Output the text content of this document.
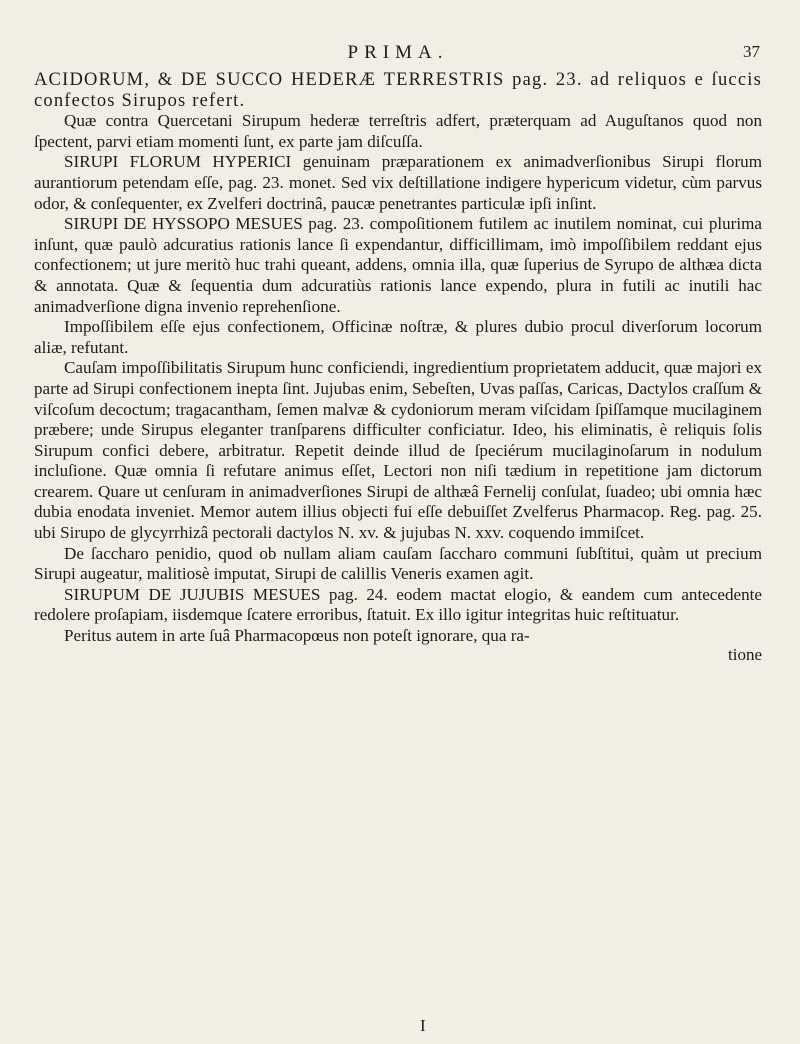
PRIMA.	37

ACIDORUM, & DE SUCCO HEDERÆ TERRESTRIS pag. 23. ad reliquos e ſuccis confectos Sirupos refert.

Quæ contra Quercetani Sirupum hederæ terreſtris adfert, præterquam ad Auguſtanos quod non ſpectent, parvi etiam momenti ſunt, ex parte jam diſcuſſa.

SIRUPI FLORUM HYPERICI genuinam præparationem ex animadverſionibus Sirupi florum aurantiorum petendam eſſe, pag. 23. monet. Sed vix deſtillatione indigere hypericum videtur, cùm parvus odor, & conſequenter, ex Zvelferi doctrinâ, paucæ penetrantes particulæ ipſi inſint.

SIRUPI DE HYSSOPO MESUES pag. 23. compoſitionem futilem ac inutilem nominat, cui plurima inſunt, quæ paulò adcuratius rationis lance ſi expendantur, difficillimam, imò impoſſibilem reddant ejus confectionem; ut jure meritò huc trahi queant, addens, omnia illa, quæ ſuperius de Syrupo de althæa dicta & annotata. Quæ & ſequentia dum adcuratiùs rationis lance expendo, plura in futili ac inutili hac animadverſione digna invenio reprehenſione.

Impoſſibilem eſſe ejus confectionem, Officinæ noſtræ, & plures dubio procul diverſorum locorum aliæ, refutant.

Cauſam impoſſibilitatis Sirupum hunc conficiendi, ingredientium proprietatem adducit, quæ majori ex parte ad Sirupi confectionem inepta ſint. Jujubas enim, Sebeſten, Uvas paſſas, Caricas, Dactylos craſſum & viſcoſum decoctum; tragacantham, ſemen malvæ & cydoniorum meram viſcidam ſpiſſamque mucilaginem præbere; unde Sirupus eleganter tranſparens difficulter conficiatur. Ideo, his eliminatis, è reliquis ſolis Sirupum confici debere, arbitratur. Repetit deinde illud de ſpeciérum mucilaginoſarum in nodulum incluſione. Quæ omnia ſi refutare animus eſſet, Lectori non niſi tædium in repetitione jam dictorum crearem. Quare ut cenſuram in animadverſiones Sirupi de althæâ Fernelij conſulat, ſuadeo; ubi omnia hæc dubia enodata inveniet. Memor autem illius objecti fui eſſe debuiſſet Zvelferus Pharmacop. Reg. pag. 25. ubi Sirupo de glycyrrhizâ pectorali dactylos N. xv. & jujubas N. xxv. coquendo immiſcet.

De ſaccharo penidio, quod ob nullam aliam cauſam ſaccharo communi ſubſtitui, quàm ut precium Sirupi augeatur, malitiosè imputat, Sirupi de calillis Veneris examen agit.

SIRUPUM DE JUJUBIS MESUES pag. 24. eodem mactat elogio, & eandem cum antecedente redolere proſapiam, iisdemque ſcatere erroribus, ſtatuit. Ex illo igitur integritas huic reſtituatur.

Peritus autem in arte ſuâ Pharmacopœus non poteſt ignorare, qua ra-

tione
I
